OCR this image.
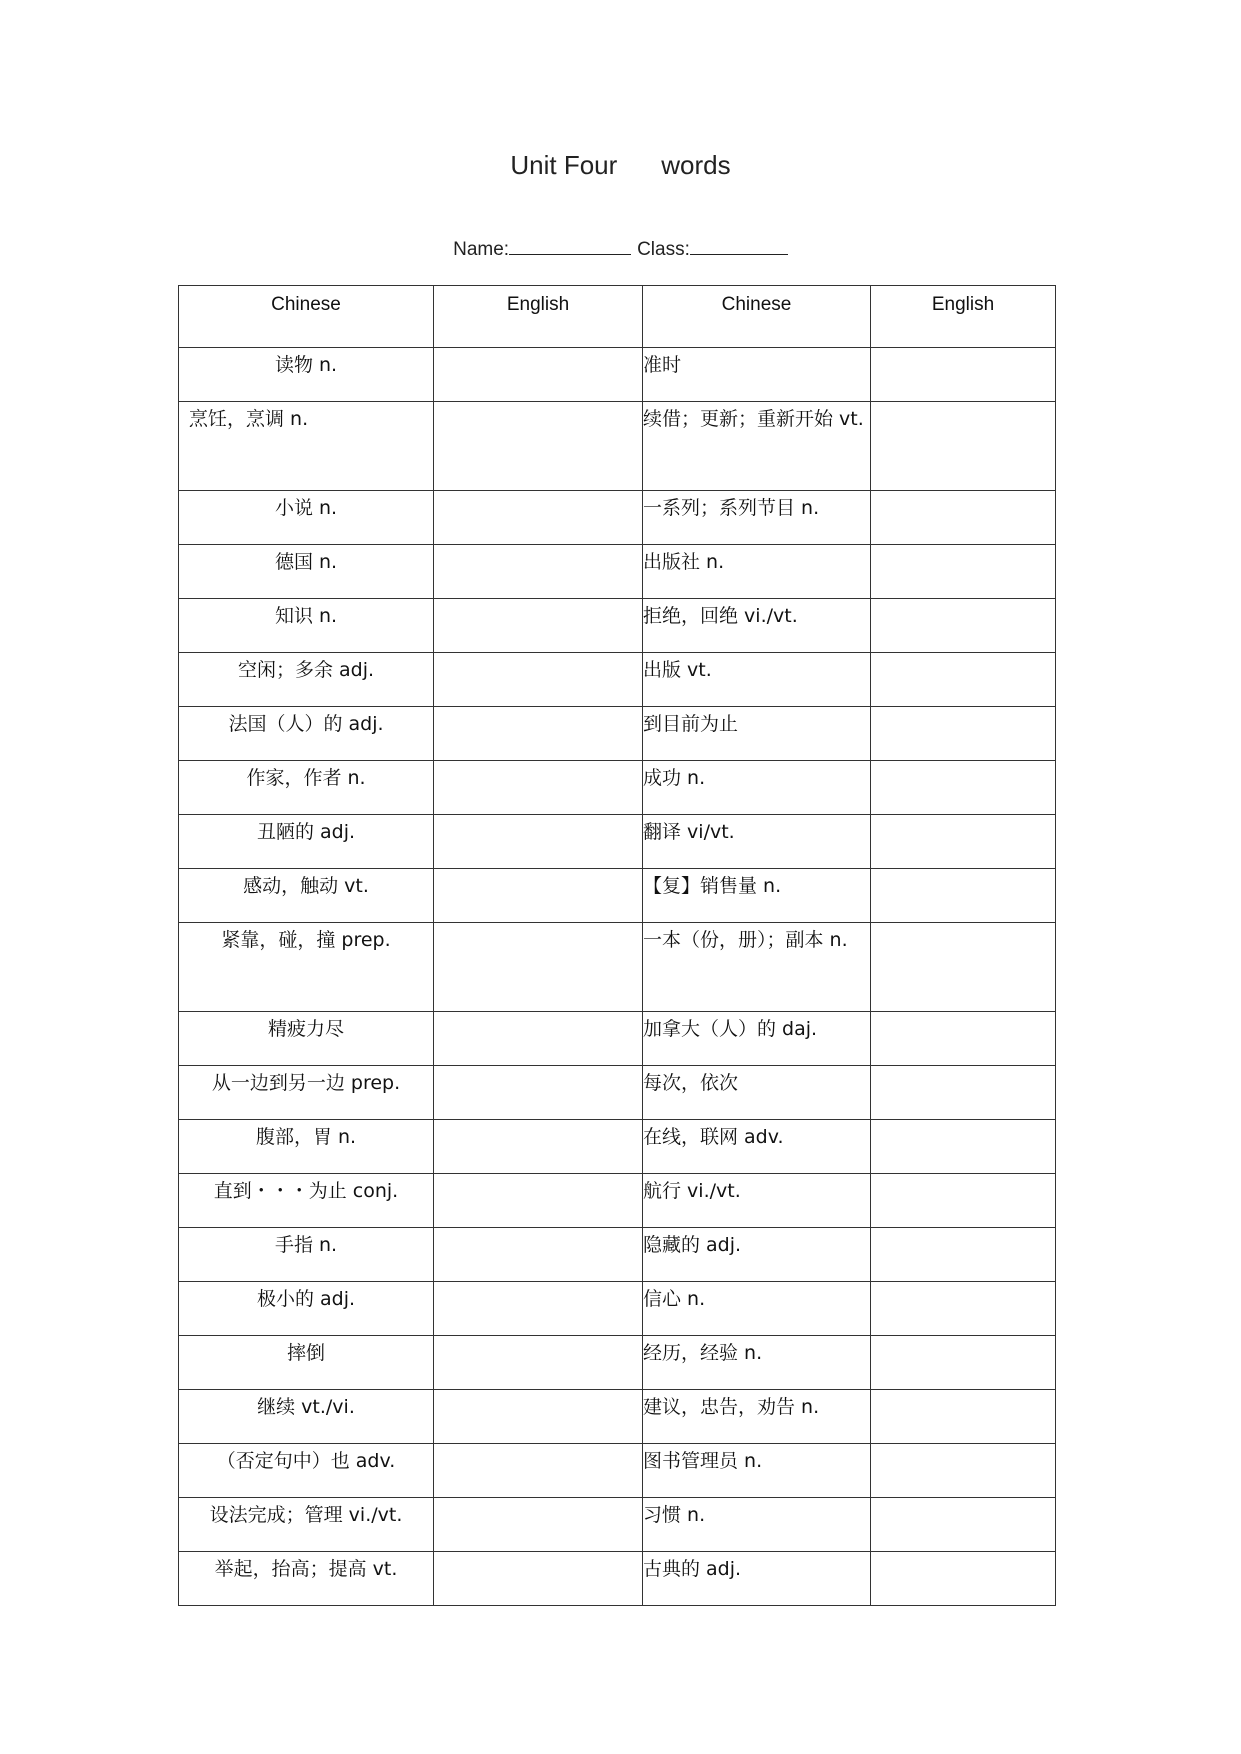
Unit Four words
Name:	Class:
Chinese	English	Chinese	English
读物 n.		准时	
烹饪，烹调 n.		续借；更新；重新开始 vt.	
小说 n.		一系列；系列节目 n.	
德国 n.		出版社 n.	
知识 n.		拒绝，回绝 vi./vt.	
空闲；多余 adj.		出版 vt.	
法国（人）的 adj.		到目前为止	
作家，作者 n.		成功 n.	
丑陋的 adj.		翻译 vi/vt.	
感动，触动 vt.		【复】销售量 n.	
紧靠，碰，撞 prep.		一本（份，册）；副本 n.	
精疲力尽		加拿大（人）的 daj.	
从一边到另一边 prep.		每次，依次	
腹部，胃 n.		在线，联网 adv.	
直到・・・为止 conj.		航行 vi./vt.	
手指 n.		隐藏的 adj.	
极小的 adj.		信心 n.	
摔倒		经历，经验 n.	
继续 vt./vi.		建议，忠告，劝告 n.	
（否定句中）也 adv.		图书管理员 n.	
设法完成；管理 vi./vt.		习惯 n.	
举起，抬高；提高 vt.		古典的 adj.	
